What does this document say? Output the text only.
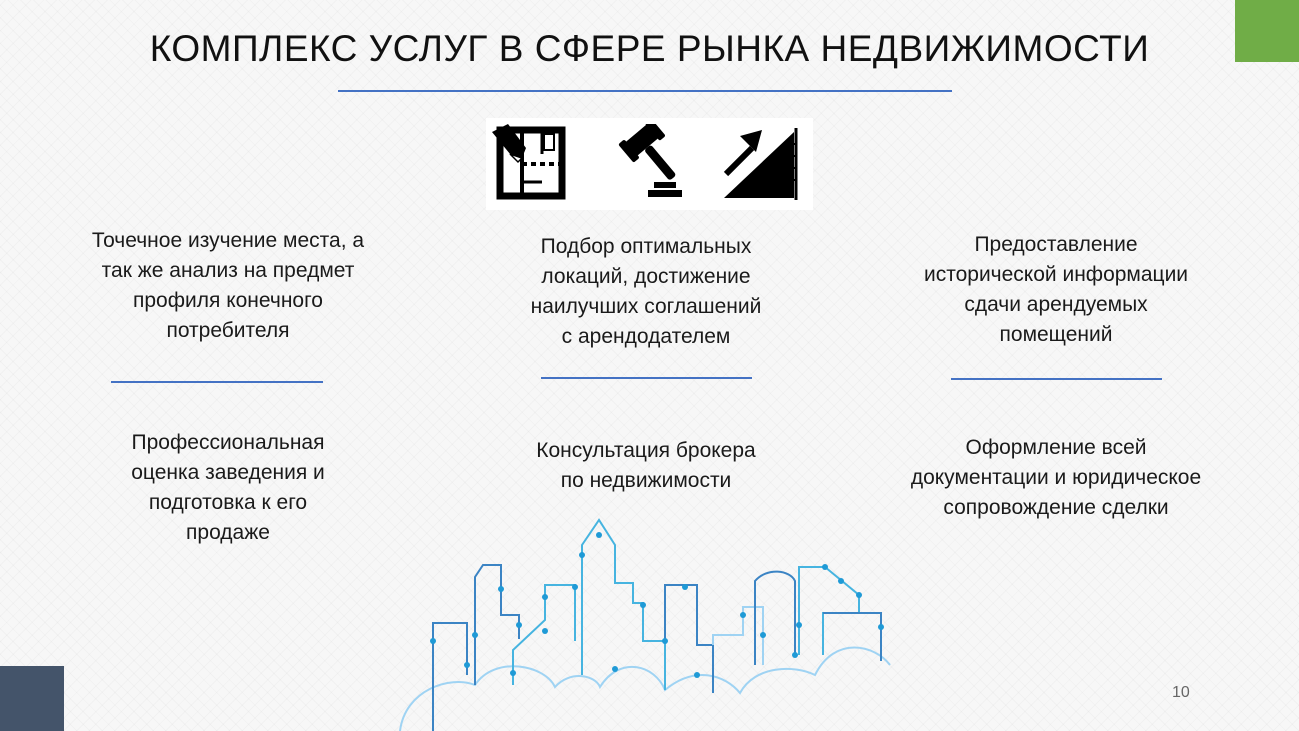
КОМПЛЕКС УСЛУГ В СФЕРЕ РЫНКА НЕДВИЖИМОСТИ
Точечное изучение места, а
так же анализ на предмет
профиля конечного
потребителя
Профессиональная
оценка заведения и
подготовка к его
продаже
Подбор оптимальных
локаций, достижение
наилучших соглашений
с арендодателем
Консультация брокера
по недвижимости
Предоставление
исторической информации
сдачи арендуемых
помещений
Оформление всей
документации и юридическое
сопровождение сделки
10
